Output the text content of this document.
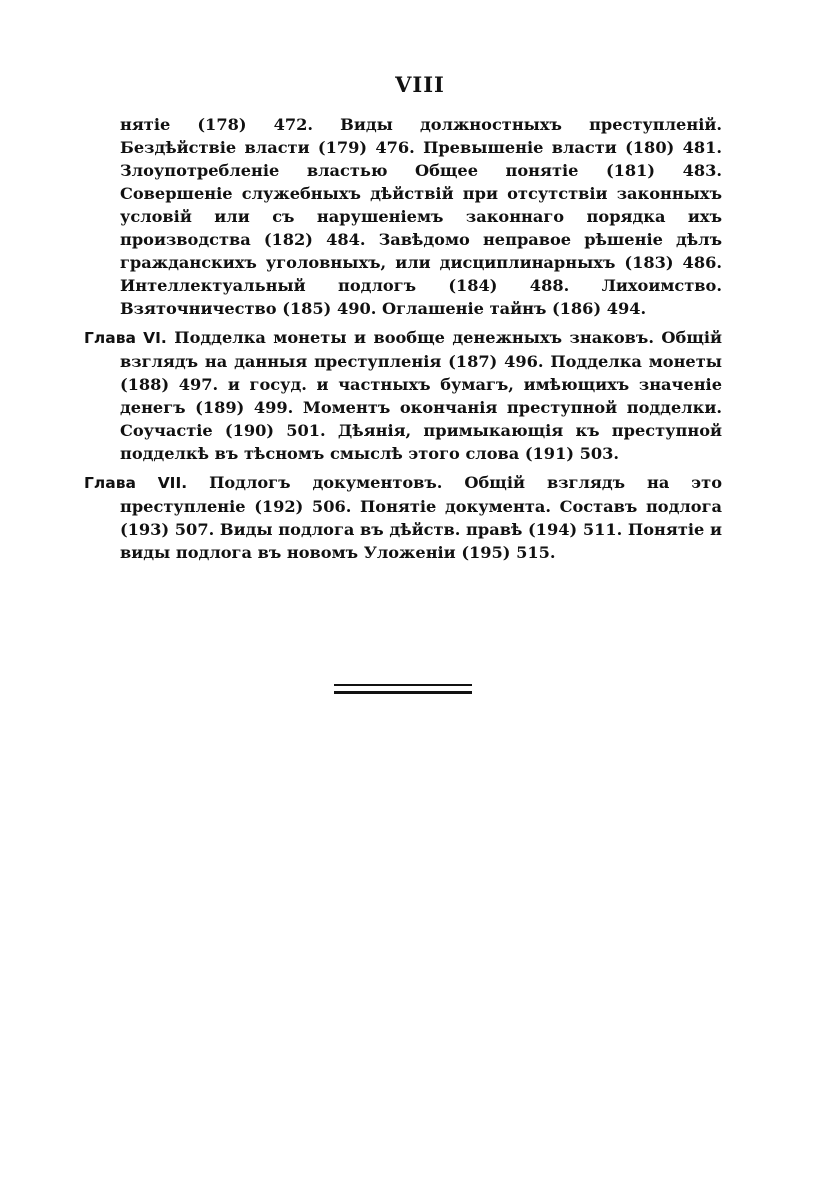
VIII

нятіе (178) 472. Виды должностныхъ преступленій. Бездѣйствіе власти (179) 476. Превышеніе власти (180) 481. Злоупотребленіе властью Общее понятіе (181) 483. Совершеніе служебныхъ дѣйствій при отсутствіи законныхъ условій или съ нарушеніемъ законнаго порядка ихъ производства (182) 484. Завѣдомо неправое рѣшеніе дѣлъ гражданскихъ уголовныхъ, или дисциплинарныхъ (183) 486. Интеллектуальный подлогъ (184) 488. Лихоимство. Взяточничество (185) 490. Оглашеніе тайнъ (186) 494.

Глава VI. Подделка монеты и вообще денежныхъ знаковъ. Общій взглядъ на данныя преступленія (187) 496. Подделка монеты (188) 497. и госуд. и частныхъ бумагъ, имѣющихъ значеніе денегъ (189) 499. Моментъ окончанія преступной подделки. Соучастіе (190) 501. Дѣянія, примыкающія къ преступной подделкѣ въ тѣсномъ смыслѣ этого слова (191) 503.

Глава VII. Подлогъ документовъ. Общій взглядъ на это преступленіе (192) 506. Понятіе документа. Составъ подлога (193) 507. Виды подлога въ дѣйств. правѣ (194) 511. Понятіе и виды подлога въ новомъ Уложеніи (195) 515.
